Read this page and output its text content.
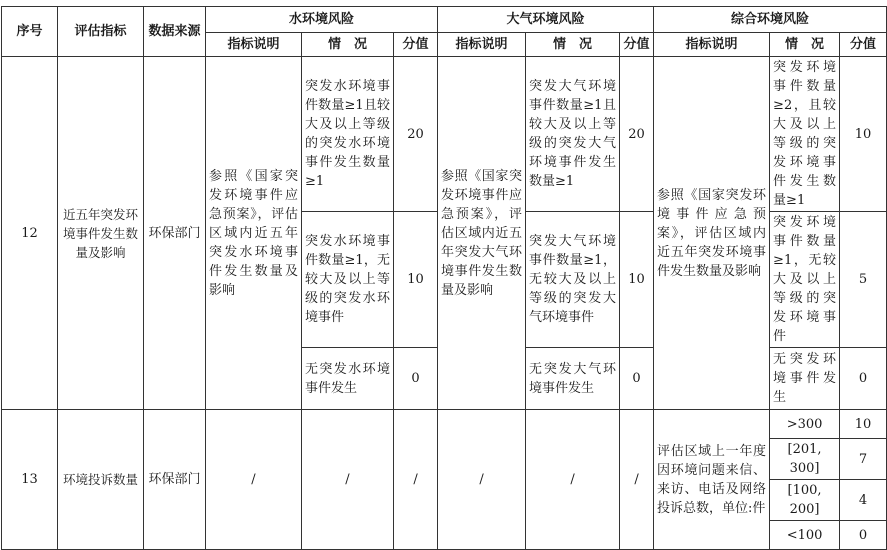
序号	评估指标	数据来源	水环境风险			大气环境风险			综合环境风险		
			指标说明	情　况	分值	指标说明	情　况	分值	指标说明	情　况	分值
12	近五年突发环境事件发生数量及影响	环保部门	参照《国家突发环境事件应急预案》，评估区域内近五年突发水环境事件发生数量及影响	突发水环境事件数量≥1且较大及以上等级的突发水环境事件发生数量≥1	20	参照《国家突发环境事件应急预案》，评估区域内近五年突发大气环境事件发生数量及影响	突发大气环境事件数量≥1且较大及以上等级的突发大气环境事件发生数量≥1	20	参照《国家突发环境事件应急预案》，评估区域内近五年突发环境事件发生数量及影响	突发环境事件数量≥2，且较大及以上等级的突发环境事件发生数量≥1	10
				突发水环境事件数量≥1，无较大及以上等级的突发水环境事件	10		突发大气环境事件数量≥1，无较大及以上等级的突发大气环境事件	10		突发环境事件数量≥1，无较大及以上等级的突发环境事件	5
				无突发水环境事件发生	0		无突发大气环境事件发生	0		无突发环境事件发生	0
13	环境投诉数量	环保部门	/	/	/	/	/	/	评估区域上一年度因环境问题来信、来访、电话及网络投诉总数，单位:件	>300	10
										[201, 300]	7
										[100, 200]	4
										<100	0
